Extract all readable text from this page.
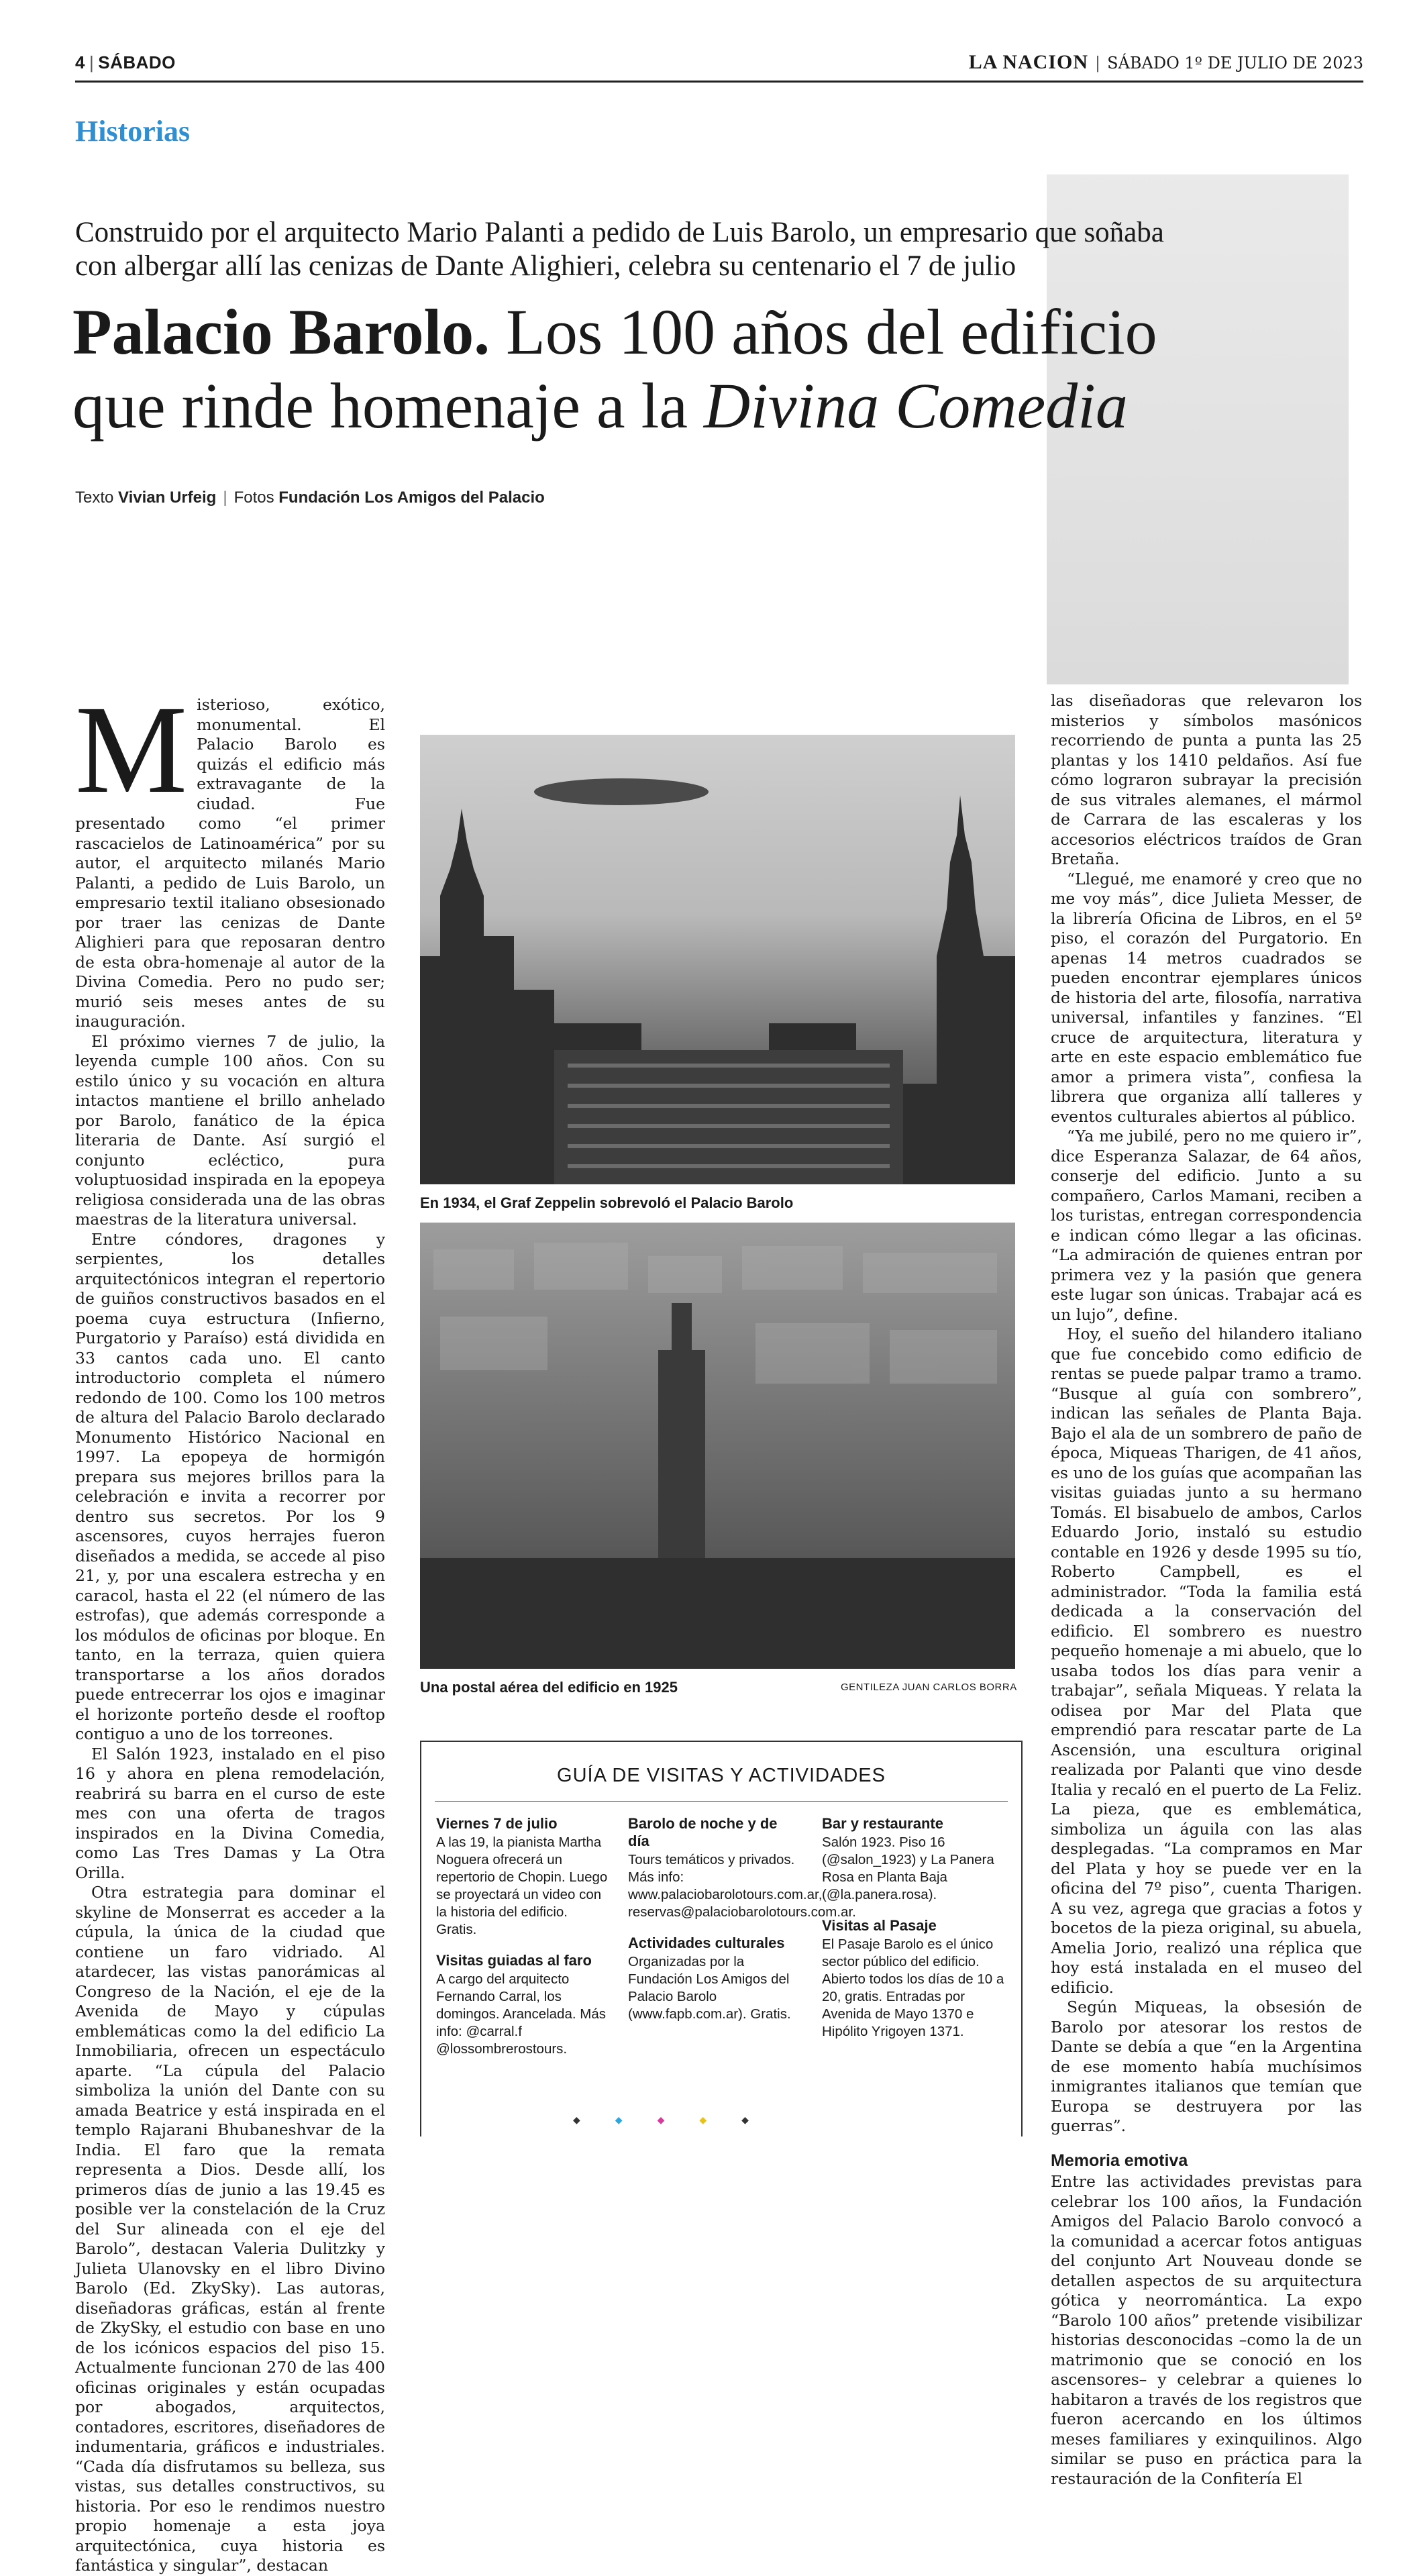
4 | SÁBADO	LA NACION | SÁBADO 1º DE JULIO DE 2023
Historias
Construido por el arquitecto Mario Palanti a pedido de Luis Barolo, un empresario que soñaba con albergar allí las cenizas de Dante Alighieri, celebra su centenario el 7 de julio
Palacio Barolo. Los 100 años del edificio
que rinde homenaje a la Divina Comedia
Texto Vivian Urfeig | Fotos Fundación Los Amigos del Palacio
M isterioso, exótico, monumental. El Palacio Barolo es quizás el edificio más extravagante de la ciudad. Fue presentado como “el primer rascacielos de Latinoamérica” por su autor, el arquitecto milanés Mario Palanti, a pedido de Luis Barolo, un empresario textil italiano obsesionado por traer las cenizas de Dante Alighieri para que reposaran dentro de esta obra-homenaje al autor de la Divina Comedia. Pero no pudo ser; murió seis meses antes de su inauguración.

El próximo viernes 7 de julio, la leyenda cumple 100 años. Con su estilo único y su vocación en altura intactos mantiene el brillo anhelado por Barolo, fanático de la épica literaria de Dante. Así surgió el conjunto ecléctico, pura voluptuosidad inspirada en la epopeya religiosa considerada una de las obras maestras de la literatura universal.

Entre cóndores, dragones y serpientes, los detalles arquitectónicos integran el repertorio de guiños constructivos basados en el poema cuya estructura (Infierno, Purgatorio y Paraíso) está dividida en 33 cantos cada uno. El canto introductorio completa el número redondo de 100. Como los 100 metros de altura del Palacio Barolo declarado Monumento Histórico Nacional en 1997. La epopeya de hormigón prepara sus mejores brillos para la celebración e invita a recorrer por dentro sus secretos. Por los 9 ascensores, cuyos herrajes fueron diseñados a medida, se accede al piso 21, y, por una escalera estrecha y en caracol, hasta el 22 (el número de las estrofas), que además corresponde a los módulos de oficinas por bloque. En tanto, en la terraza, quien quiera transportarse a los años dorados puede entrecerrar los ojos e imaginar el horizonte porteño desde el rooftop contiguo a uno de los torreones.

El Salón 1923, instalado en el piso 16 y ahora en plena remodelación, reabrirá su barra en el curso de este mes con una oferta de tragos inspirados en la Divina Comedia, como Las Tres Damas y La Otra Orilla.

Otra estrategia para dominar el skyline de Monserrat es acceder a la cúpula, la única de la ciudad que contiene un faro vidriado. Al atardecer, las vistas panorámicas al Congreso de la Nación, el eje de la Avenida de Mayo y cúpulas emblemáticas como la del edificio La Inmobiliaria, ofrecen un espectáculo aparte. “La cúpula del Palacio simboliza la unión del Dante con su amada Beatrice y está inspirada en el templo Rajarani Bhubaneshvar de la India. El faro que la remata representa a Dios. Desde allí, los primeros días de junio a las 19.45 es posible ver la constelación de la Cruz del Sur alineada con el eje del Barolo”, destacan Valeria Dulitzky y Julieta Ulanovsky en el libro Divino Barolo (Ed. ZkySky). Las autoras, diseñadoras gráficas, están al frente de ZkySky, el estudio con base en uno de los icónicos espacios del piso 15. Actualmente funcionan 270 de las 400 oficinas originales y están ocupadas por abogados, arquitectos, contadores, escritores, diseñadores de indumentaria, gráficos e industriales. “Cada día disfrutamos su belleza, sus vistas, sus detalles constructivos, su historia. Por eso le rendimos nuestro propio homenaje a esta joya arquitectónica, cuya historia es fantástica y singular”, destacan

En 1934, el Graf Zeppelin sobrevoló el Palacio Barolo
Una postal aérea del edificio en 1925	GENTILEZA JUAN CARLOS BORRA
GUÍA DE VISITAS Y ACTIVIDADES
Viernes 7 de julio
A las 19, la pianista Martha Noguera ofrecerá un repertorio de Chopin. Luego se proyectará un video con la historia del edificio. Gratis.
Visitas guiadas al faro
A cargo del arquitecto Fernando Carral, los domingos. Arancelada. Más info: @carral.f @lossombrerostours.
Barolo de noche y de día
Tours temáticos y privados. Más info: www.palaciobarolotours.com.ar, reservas@palaciobarolotours.com.ar.
Actividades culturales
Organizadas por la Fundación Los Amigos del Palacio Barolo (www.fapb.com.ar). Gratis.
Bar y restaurante
Salón 1923. Piso 16 (@salon_1923) y La Panera Rosa en Planta Baja (@la.panera.rosa).
Visitas al Pasaje
El Pasaje Barolo es el único sector público del edificio. Abierto todos los días de 10 a 20, gratis. Entradas por Avenida de Mayo 1370 e Hipólito Yrigoyen 1371.

las diseñadoras que relevaron los misterios y símbolos masónicos recorriendo de punta a punta las 25 plantas y los 1410 peldaños. Así fue cómo lograron subrayar la precisión de sus vitrales alemanes, el mármol de Carrara de las escaleras y los accesorios eléctricos traídos de Gran Bretaña.

“Llegué, me enamoré y creo que no me voy más”, dice Julieta Messer, de la librería Oficina de Libros, en el 5º piso, el corazón del Purgatorio. En apenas 14 metros cuadrados se pueden encontrar ejemplares únicos de historia del arte, filosofía, narrativa universal, infantiles y fanzines. “El cruce de arquitectura, literatura y arte en este espacio emblemático fue amor a primera vista”, confiesa la librera que organiza allí talleres y eventos culturales abiertos al público.

“Ya me jubilé, pero no me quiero ir”, dice Esperanza Salazar, de 64 años, conserje del edificio. Junto a su compañero, Carlos Mamani, reciben a los turistas, entregan correspondencia e indican cómo llegar a las oficinas. “La admiración de quienes entran por primera vez y la pasión que genera este lugar son únicas. Trabajar acá es un lujo”, define.

Hoy, el sueño del hilandero italiano que fue concebido como edificio de rentas se puede palpar tramo a tramo. “Busque al guía con sombrero”, indican las señales de Planta Baja. Bajo el ala de un sombrero de paño de época, Miqueas Tharigen, de 41 años, es uno de los guías que acompañan las visitas guiadas junto a su hermano Tomás. El bisabuelo de ambos, Carlos Eduardo Jorio, instaló su estudio contable en 1926 y desde 1995 su tío, Roberto Campbell, es el administrador. “Toda la familia está dedicada a la conservación del edificio. El sombrero es nuestro pequeño homenaje a mi abuelo, que lo usaba todos los días para venir a trabajar”, señala Miqueas. Y relata la odisea por Mar del Plata que emprendió para rescatar parte de La Ascensión, una escultura original realizada por Palanti que vino desde Italia y recaló en el puerto de La Feliz. La pieza, que es emblemática, simboliza un águila con las alas desplegadas. “La compramos en Mar del Plata y hoy se puede ver en la oficina del 7º piso”, cuenta Tharigen. A su vez, agrega que gracias a fotos y bocetos de la pieza original, su abuela, Amelia Jorio, realizó una réplica que hoy está instalada en el museo del edificio.

Según Miqueas, la obsesión de Barolo por atesorar los restos de Dante se debía a que “en la Argentina de ese momento había muchísimos inmigrantes italianos que temían que Europa se destruyera por las guerras”.

Memoria emotiva

Entre las actividades previstas para celebrar los 100 años, la Fundación Amigos del Palacio Barolo convocó a la comunidad a acercar fotos antiguas del conjunto Art Nouveau donde se detallen aspectos de su arquitectura gótica y neorromántica. La expo “Barolo 100 años” pretende visibilizar historias desconocidas –como la de un matrimonio que se conoció en los ascensores– y celebrar a quienes lo habitaron a través de los registros que fueron acercando en los últimos meses familiares y exinquilinos. Algo similar se puso en práctica para la restauración de la Confitería El

◆◆◆◆◆
